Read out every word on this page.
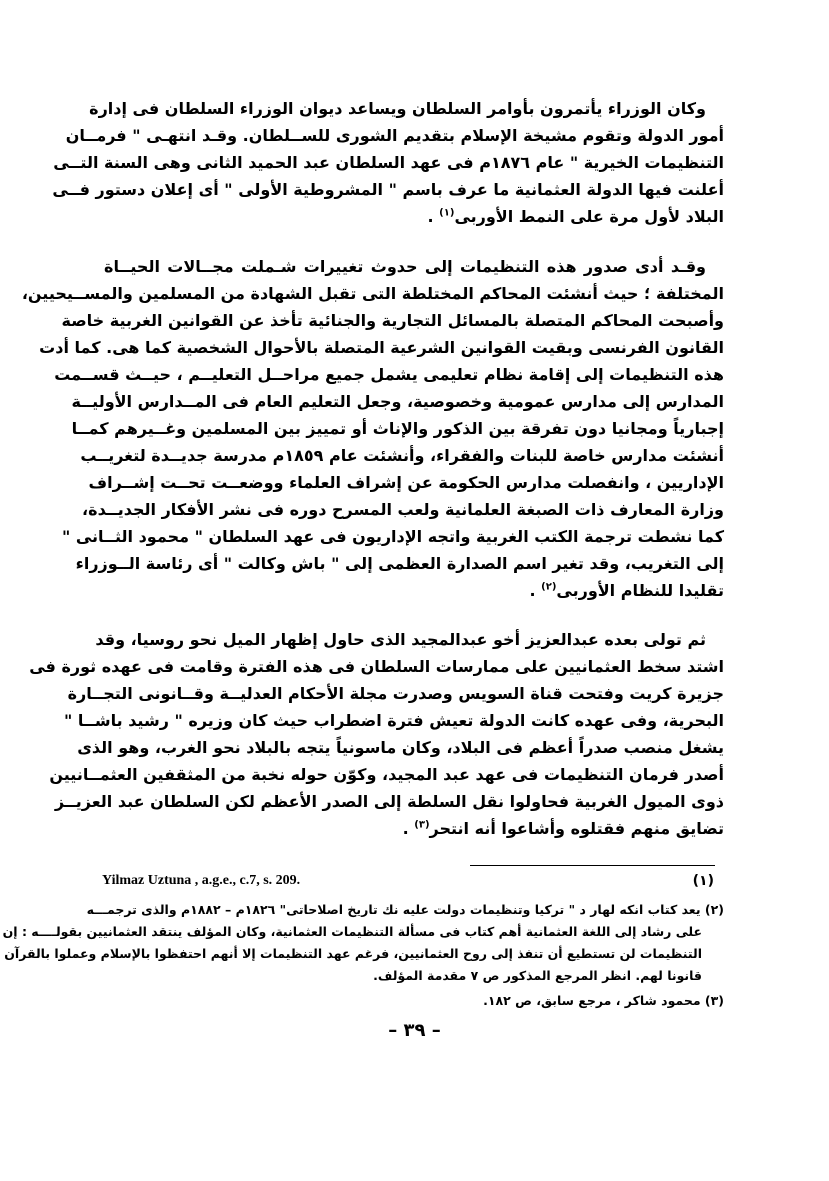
وكان الوزراء يأتمرون بأوامر السلطان ويساعد ديوان الوزراء السلطان فى إدارة
أمور الدولة وتقوم مشيخة الإسلام بتقديم الشورى للســلطان. وقـد انتهـى " فرمــان
التنظيمات الخيرية " عام ١٨٧٦م فى عهد السلطان عبد الحميد الثانى وهى السنة التــى
أعلنت فيها الدولة العثمانية ما عرف باسم " المشروطية الأولى " أى إعلان دستور فــى
البلاد لأول مرة على النمط الأوربى$^{(١)}$ .
وقـد أدى صدور هذه التنظيمات إلى حدوث تغييرات شـملت مجــالات الحيــاة
المختلفة ؛ حيث أنشئت المحاكم المختلطة التى تقبل الشهادة من المسلمين والمســيحيين،
وأصبحت المحاكم المتصلة بالمسائل التجارية والجنائية تأخذ عن القوانين الغربية خاصة
القانون الفرنسى وبقيت القوانين الشرعية المتصلة بالأحوال الشخصية كما هى. كما أدت
هذه التنظيمات إلى إقامة نظام تعليمى يشمل جميع مراحــل التعليــم ، حيــث قســمت
المدارس إلى مدارس عمومية وخصوصية، وجعل التعليم العام فى المــدارس الأوليــة
إجبارياً ومجانيا دون تفرقة بين الذكور والإناث أو تمييز بين المسلمين وغــيرهم كمــا
أنشئت مدارس خاصة للبنات والفقراء، وأنشئت عام ١٨٥٩م مدرسة جديــدة لتغريــب
الإداريين ، وانفصلت مدارس الحكومة عن إشراف العلماء ووضعــت تحــت إشــراف
وزارة المعارف ذات الصبغة العلمانية ولعب المسرح دوره فى نشر الأفكار الجديــدة،
كما نشطت ترجمة الكتب الغربية واتجه الإداريون فى عهد السلطان " محمود الثــانى "
إلى التغريب، وقد تغير اسم الصدارة العظمى إلى " باش وكالت " أى رئاسة الــوزراء
تقليدا للنظام الأوربى$^{(٢)}$ .
ثم تولى بعده عبدالعزيز أخو عبدالمجيد الذى حاول إظهار الميل نحو روسيا، وقد
اشتد سخط العثمانيين على ممارسات السلطان فى هذه الفترة وقامت فى عهده ثورة فى
جزيرة كريت وفتحت قناة السويس وصدرت مجلة الأحكام العدليــة وقــانونى التجــارة
البحرية، وفى عهده كانت الدولة تعيش فترة اضطراب حيث كان وزيره " رشيد باشــا "
يشغل منصب صدراً أعظم فى البلاد، وكان ماسونياً يتجه بالبلاد نحو الغرب، وهو الذى
أصدر فرمان التنظيمات فى عهد عبد المجيد، وكوّن حوله نخبة من المثقفين العثمــانيين
ذوى الميول الغربية فحاولوا نقل السلطة إلى الصدر الأعظم لكن السلطان عبد العزيــز
تضايق منهم فقتلوه وأشاعوا أنه انتحر$^{(٣)}$ .
Yilmaz Uztuna , a.g.e., c.7, s. 209.	(١)
(٢) يعد كتاب انكه لهار د " تركيا وتنظيمات دولت عليه نك تاريخ اصلاحاتى" ١٨٢٦م – ١٨٨٢م والذى ترجمـــه
على رشاد إلى اللغة العثمانية أهم كتاب فى مسألة التنظيمات العثمانية، وكان المؤلف ينتقد العثمانيين بقولــــه : إن
التنظيمات لن تستطيع أن تنفذ إلى روح العثمانيين، فرغم عهد التنظيمات إلا أنهم احتفظوا بالإسلام وعملوا بالقرآن
قانونا لهم. انظر المرجع المذكور ص ٧ مقدمة المؤلف.
(٣) محمود شاكر ، مرجع سابق، ص ١٨٢.
– ٣٩ –
